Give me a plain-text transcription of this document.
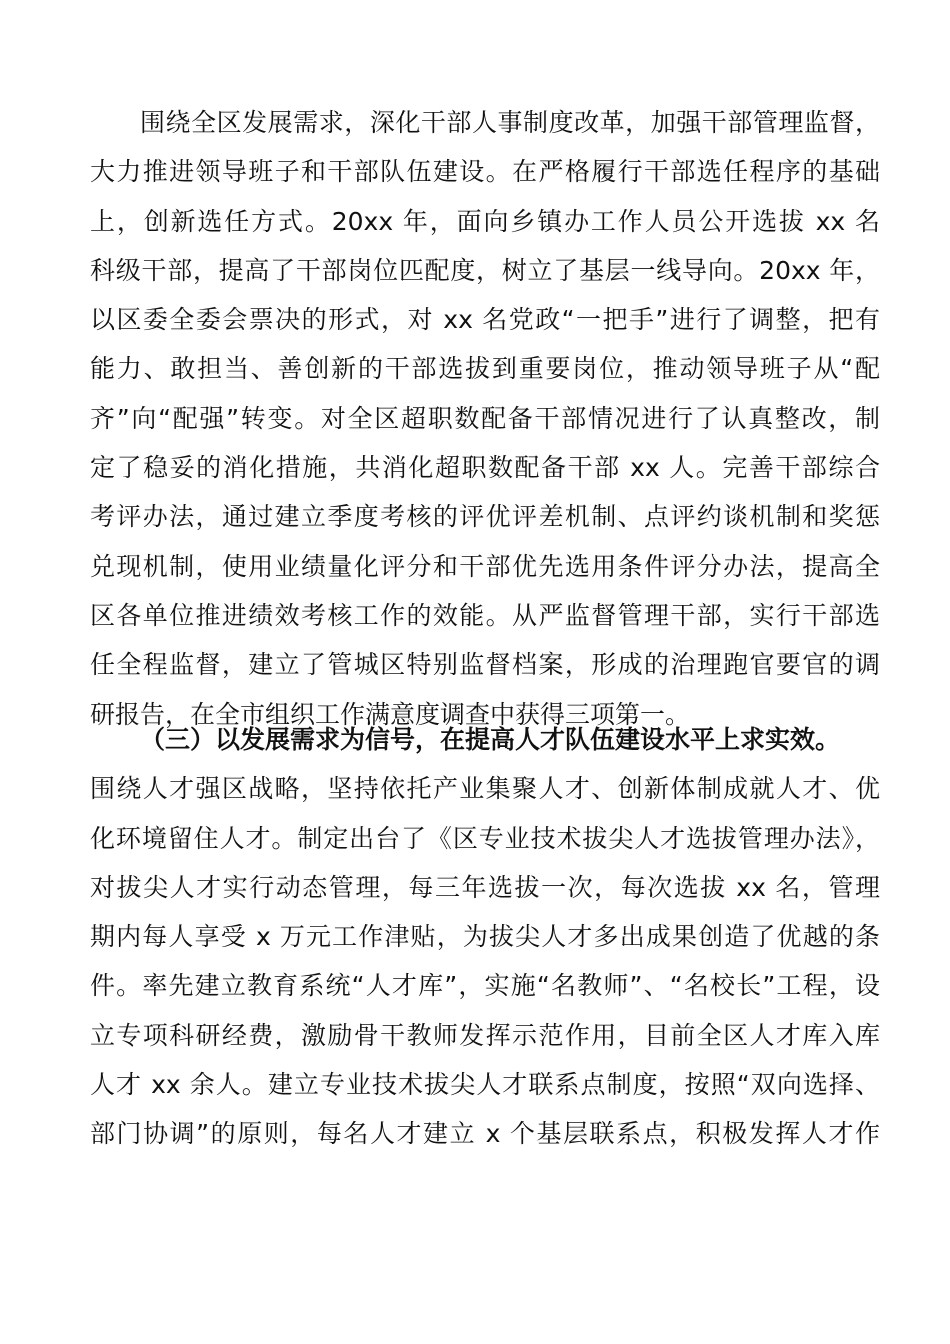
围绕全区发展需求，深化干部人事制度改革，加强干部管理监督，
大力推进领导班子和干部队伍建设。在严格履行干部选任程序的基础
上，创新选任方式。20xx 年，面向乡镇办工作人员公开选拔 xx 名
科级干部，提高了干部岗位匹配度，树立了基层一线导向。20xx 年，
以区委全委会票决的形式，对 xx 名党政“一把手”进行了调整，把有
能力、敢担当、善创新的干部选拔到重要岗位，推动领导班子从“配
齐”向“配强”转变。对全区超职数配备干部情况进行了认真整改，制
定了稳妥的消化措施，共消化超职数配备干部 xx 人。完善干部综合
考评办法，通过建立季度考核的评优评差机制、点评约谈机制和奖惩
兑现机制，使用业绩量化评分和干部优先选用条件评分办法，提高全
区各单位推进绩效考核工作的效能。从严监督管理干部，实行干部选
任全程监督，建立了管城区特别监督档案，形成的治理跑官要官的调
研报告，在全市组织工作满意度调查中获得三项第一。
（三）以发展需求为信号，在提高人才队伍建设水平上求实效。
围绕人才强区战略，坚持依托产业集聚人才、创新体制成就人才、优
化环境留住人才。制定出台了《区专业技术拔尖人才选拔管理办法》，
对拔尖人才实行动态管理，每三年选拔一次，每次选拔 xx 名，管理
期内每人享受 x 万元工作津贴，为拔尖人才多出成果创造了优越的条
件。率先建立教育系统“人才库”，实施“名教师”、“名校长”工程，设
立专项科研经费，激励骨干教师发挥示范作用，目前全区人才库入库
人才 xx 余人。建立专业技术拔尖人才联系点制度，按照“双向选择、
部门协调”的原则，每名人才建立 x 个基层联系点，积极发挥人才作
